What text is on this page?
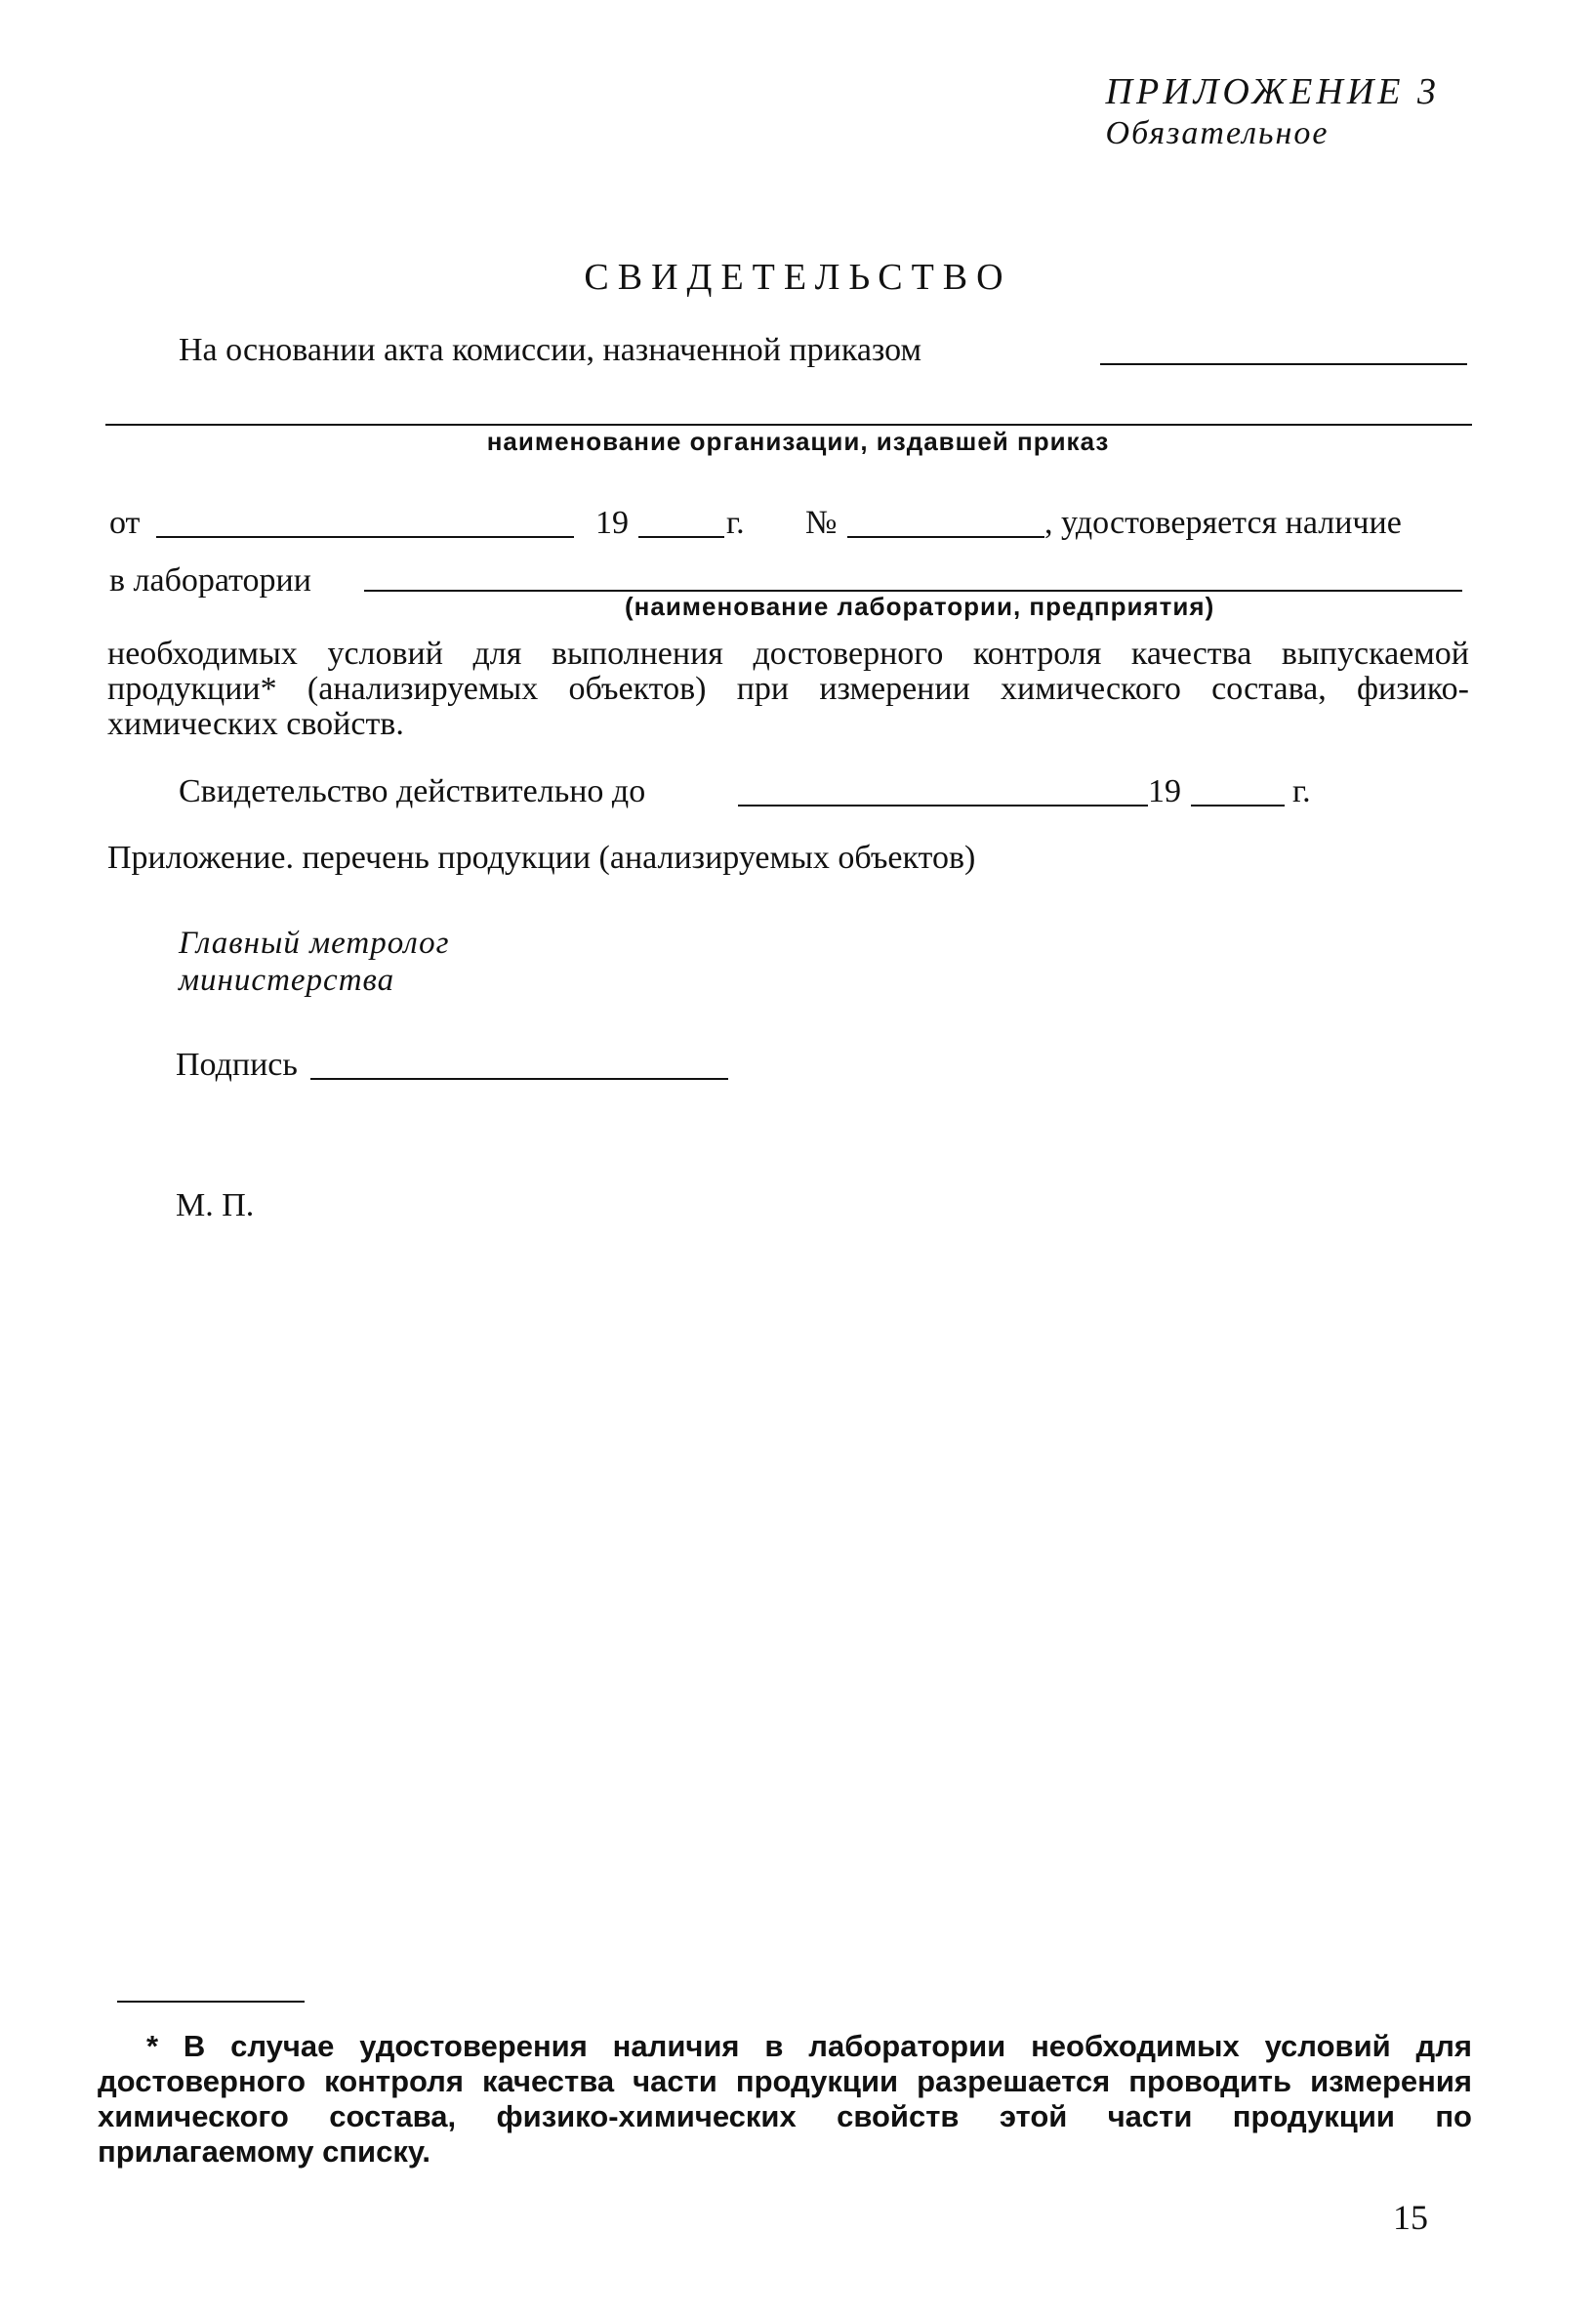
ПРИЛОЖЕНИЕ 3
Обязательное
СВИДЕТЕЛЬСТВО
На основании акта комиссии, назначенной приказом
наименование организации, издавшей приказ
от	19	г. №	, удостоверяется наличие
в лаборатории
(наименование лаборатории, предприятия)
необходимых условий для выполнения достоверного контроля качества выпускаемой продукции* (анализируемых объектов) при измерении химического состава, физико-химических свойств.
Свидетельство действительно до	19	г.
Приложение. перечень продукции (анализируемых объектов)
Главный метролог
министерства
Подпись
М. П.
* В случае удостоверения наличия в лаборатории необходимых условий для достоверного контроля качества части продукции разрешается проводить измерения химического состава, физико-химических свойств этой части продукции по прилагаемому списку.
15
